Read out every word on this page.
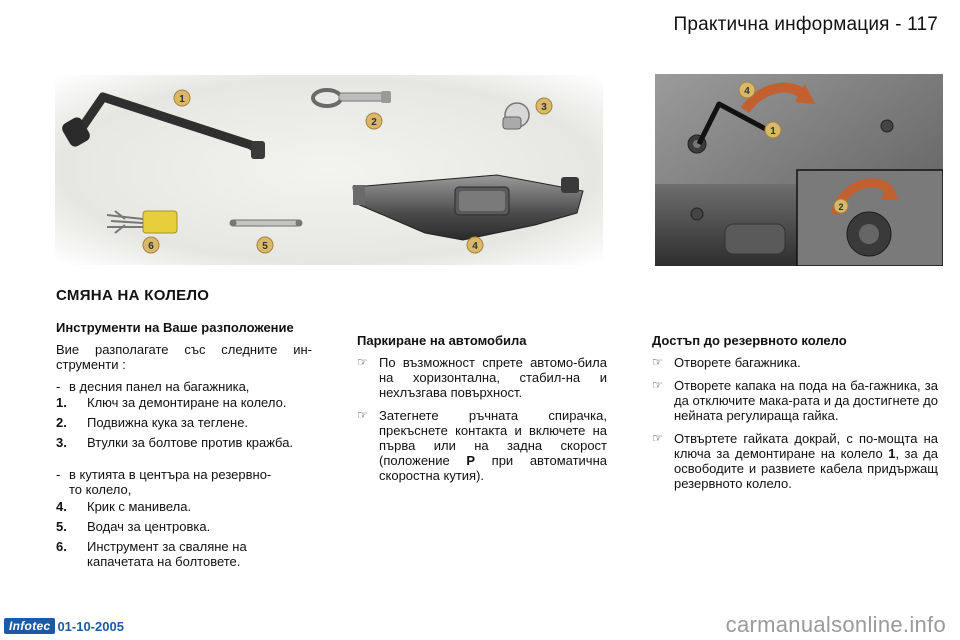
Практична информация - 117
1
2
3
4
5
6
1
4
2
СМЯНА НА КОЛЕЛО
Инструменти на Ваше разположение
Вие разполагате със следните ин-струменти :
- в десния панел на багажника,
1.	Ключ за демонтиране на колело.
2.	Подвижна кука за теглене.
3.	Втулки за болтове против кражба.
- в кутията в центъра на резервно-
то колело,
4.	Крик с манивела.
5.	Водач за центровка.
6.	Инструмент за сваляне на капачетата на болтовете.
Паркиране на автомобила
☞ По възможност спрете автомо-била на хоризонтална, стабил-на и нехлъзгава повърхност.
☞ Затегнете ръчната спирачка, прекъснете контакта и включете на първа или на задна скорост (положение P при автоматична скоростна кутия).
Достъп до резервното колело
☞ Отворете багажника.
☞ Отворете капака на пода на ба-гажника, за да отключите мака-рата и да достигнете до нейната регулираща гайка.
☞ Отвъртете гайката докрай, с по-мощта на ключа за демонтиране на колело 1, за да освободите и развиете кабела придържащ резервното колело.
Infotec 01-10-2005	carmanualsonline.info
